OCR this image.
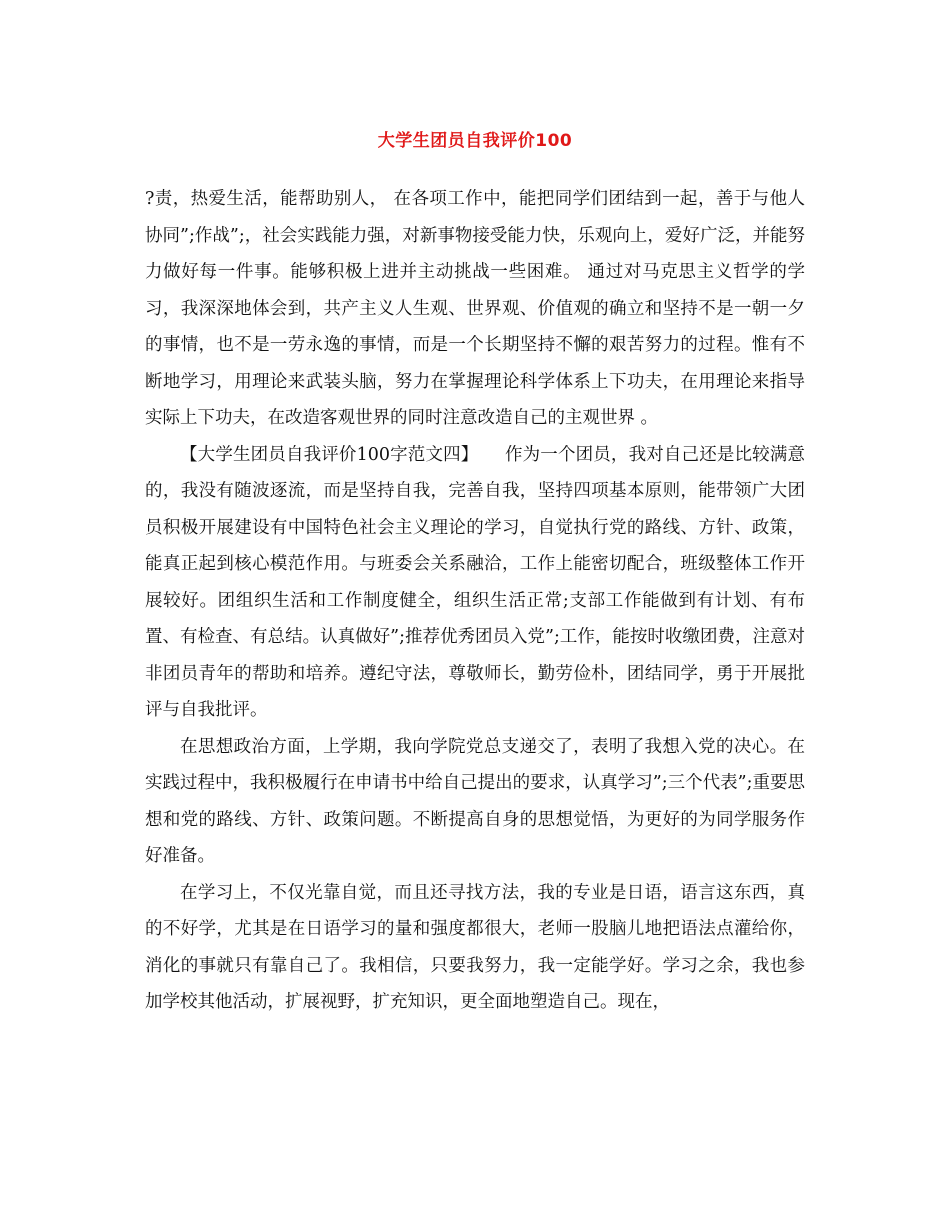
大学生团员自我评价100

?责，热爱生活，能帮助别人， 在各项工作中，能把同学们团结到一起，善于与他人协同”;作战”;，社会实践能力强，对新事物接受能力快，乐观向上，爱好广泛，并能努力做好每一件事。能够积极上进并主动挑战一些困难。 通过对马克思主义哲学的学习，我深深地体会到，共产主义人生观、世界观、价值观的确立和坚持不是一朝一夕的事情，也不是一劳永逸的事情，而是一个长期坚持不懈的艰苦努力的过程。惟有不断地学习，用理论来武装头脑，努力在掌握理论科学体系上下功夫，在用理论来指导实际上下功夫，在改造客观世界的同时注意改造自己的主观世界 。

【大学生团员自我评价100字范文四】　　作为一个团员，我对自己还是比较满意的，我没有随波逐流，而是坚持自我，完善自我，坚持四项基本原则，能带领广大团员积极开展建设有中国特色社会主义理论的学习，自觉执行党的路线、方针、政策，能真正起到核心模范作用。与班委会关系融洽，工作上能密切配合，班级整体工作开展较好。团组织生活和工作制度健全，组织生活正常;支部工作能做到有计划、有布置、有检查、有总结。认真做好”;推荐优秀团员入党”;工作，能按时收缴团费，注意对非团员青年的帮助和培养。遵纪守法，尊敬师长，勤劳俭朴，团结同学，勇于开展批评与自我批评。

在思想政治方面，上学期，我向学院党总支递交了，表明了我想入党的决心。在实践过程中，我积极履行在申请书中给自己提出的要求，认真学习”;三个代表”;重要思想和党的路线、方针、政策问题。不断提高自身的思想觉悟，为更好的为同学服务作好准备。

在学习上，不仅光靠自觉，而且还寻找方法，我的专业是日语，语言这东西，真的不好学，尤其是在日语学习的量和强度都很大，老师一股脑儿地把语法点灌给你，消化的事就只有靠自己了。我相信，只要我努力，我一定能学好。学习之余，我也参加学校其他活动，扩展视野，扩充知识，更全面地塑造自己。现在，
